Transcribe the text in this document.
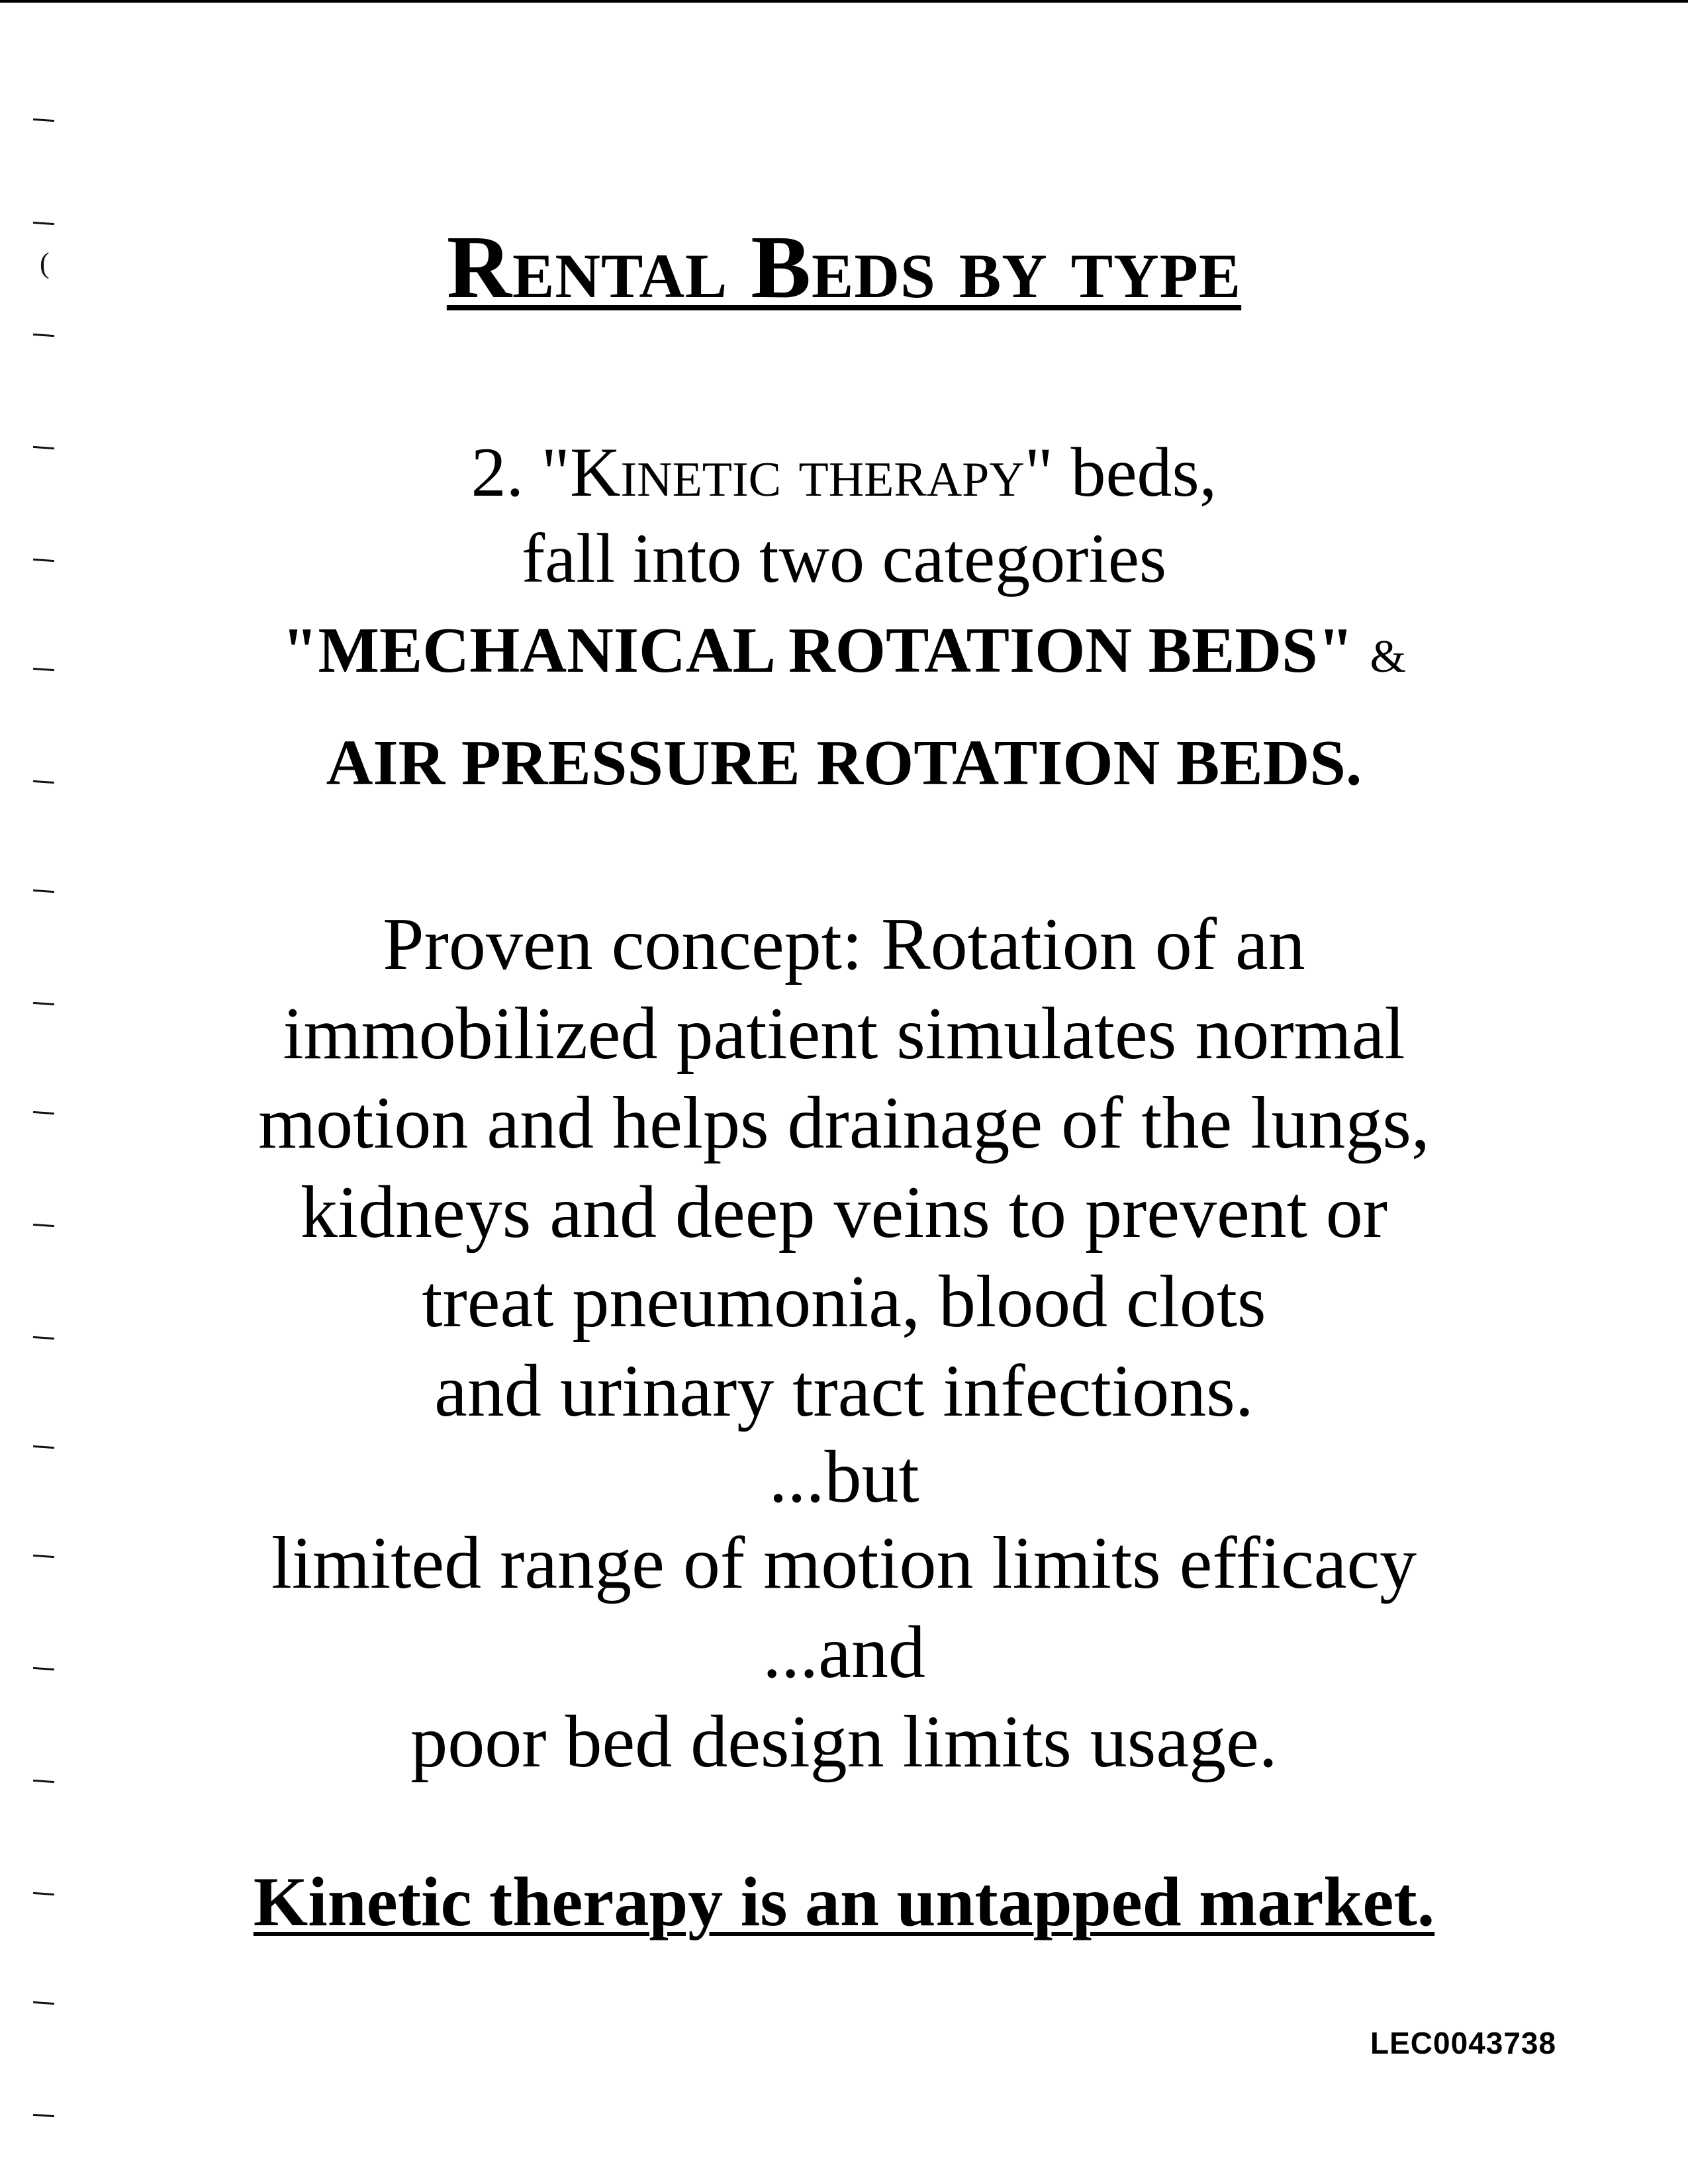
(	Rental Beds by type

2. "Kinetic therapy" beds,

fall into two categories

"MECHANICAL ROTATION BEDS" &

AIR PRESSURE ROTATION BEDS.

Proven concept: Rotation of an

immobilized patient simulates normal

motion and helps drainage of the lungs,

kidneys and deep veins to prevent or

treat pneumonia, blood clots

and urinary tract infections.

...but

limited range of motion limits efficacy

...and

poor bed design limits usage.

Kinetic therapy is an untapped market.

LEC0043738
